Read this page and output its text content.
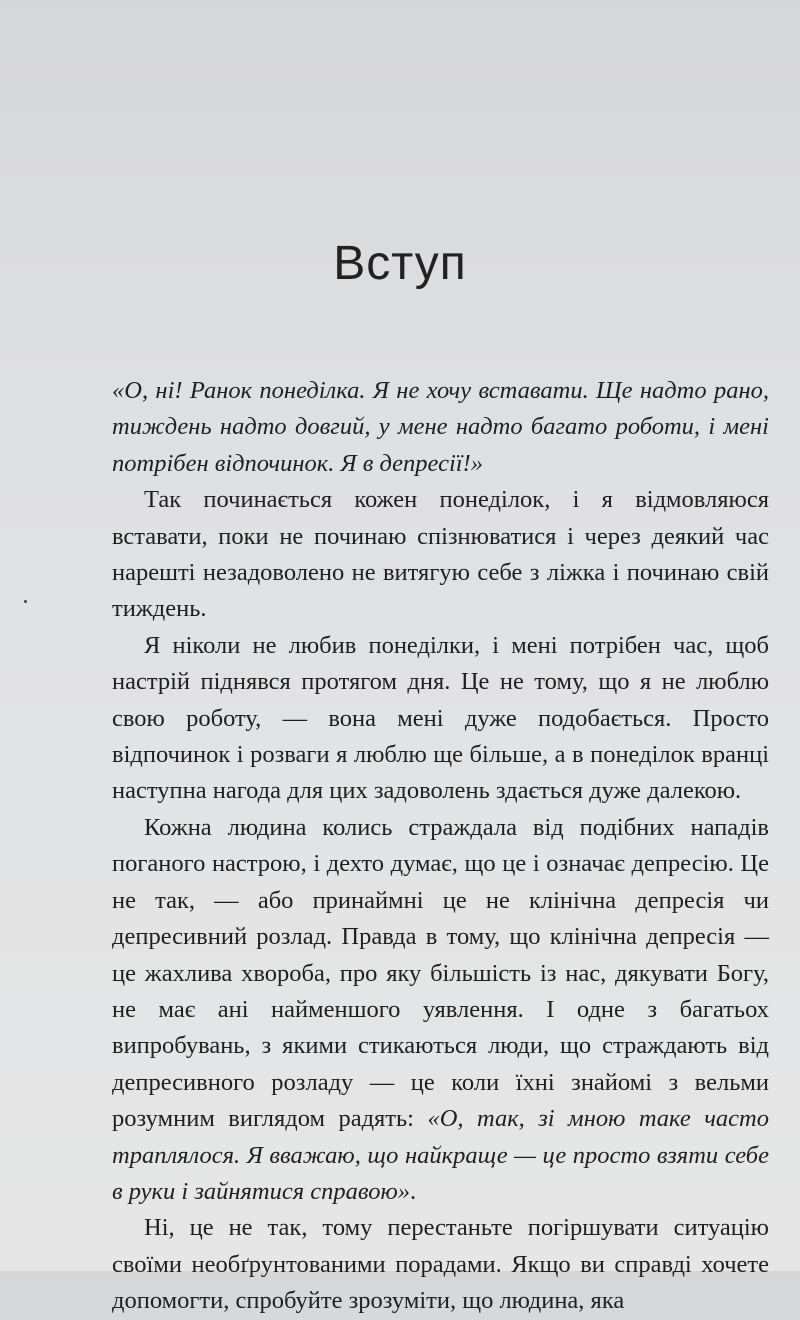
Вступ

«О, ні! Ранок понеділка. Я не хочу вставати. Ще надто рано, тиждень надто довгий, у мене надто багато роботи, і мені потрібен відпочинок. Я в депресії!»

Так починається кожен понеділок, і я відмовляюся вставати, поки не починаю спізнюватися і через деякий час нарешті незадоволено не витягую себе з ліжка і починаю свій тиждень.

Я ніколи не любив понеділки, і мені потрібен час, щоб настрій піднявся протягом дня. Це не тому, що я не люблю свою роботу, — вона мені дуже подобається. Просто відпочинок і розваги я люблю ще більше, а в понеділок вранці наступна нагода для цих задоволень здається дуже далекою.

Кожна людина колись страждала від подібних нападів поганого настрою, і дехто думає, що це і означає депресію. Це не так, — або принаймні це не клінічна депресія чи депресивний розлад. Правда в тому, що клінічна депресія — це жахлива хвороба, про яку більшість із нас, дякувати Богу, не має ані найменшого уявлення. І одне з багатьох випробувань, з якими стикаються люди, що страждають від депресивного розладу — це коли їхні знайомі з вельми розумним виглядом радять: «О, так, зі мною таке часто траплялося. Я вважаю, що найкраще — це просто взяти себе в руки і зайнятися справою».

Ні, це не так, тому перестаньте погіршувати ситуацію своїми необґрунтованими порадами. Якщо ви справді хочете допомогти, спробуйте зрозуміти, що людина, яка
